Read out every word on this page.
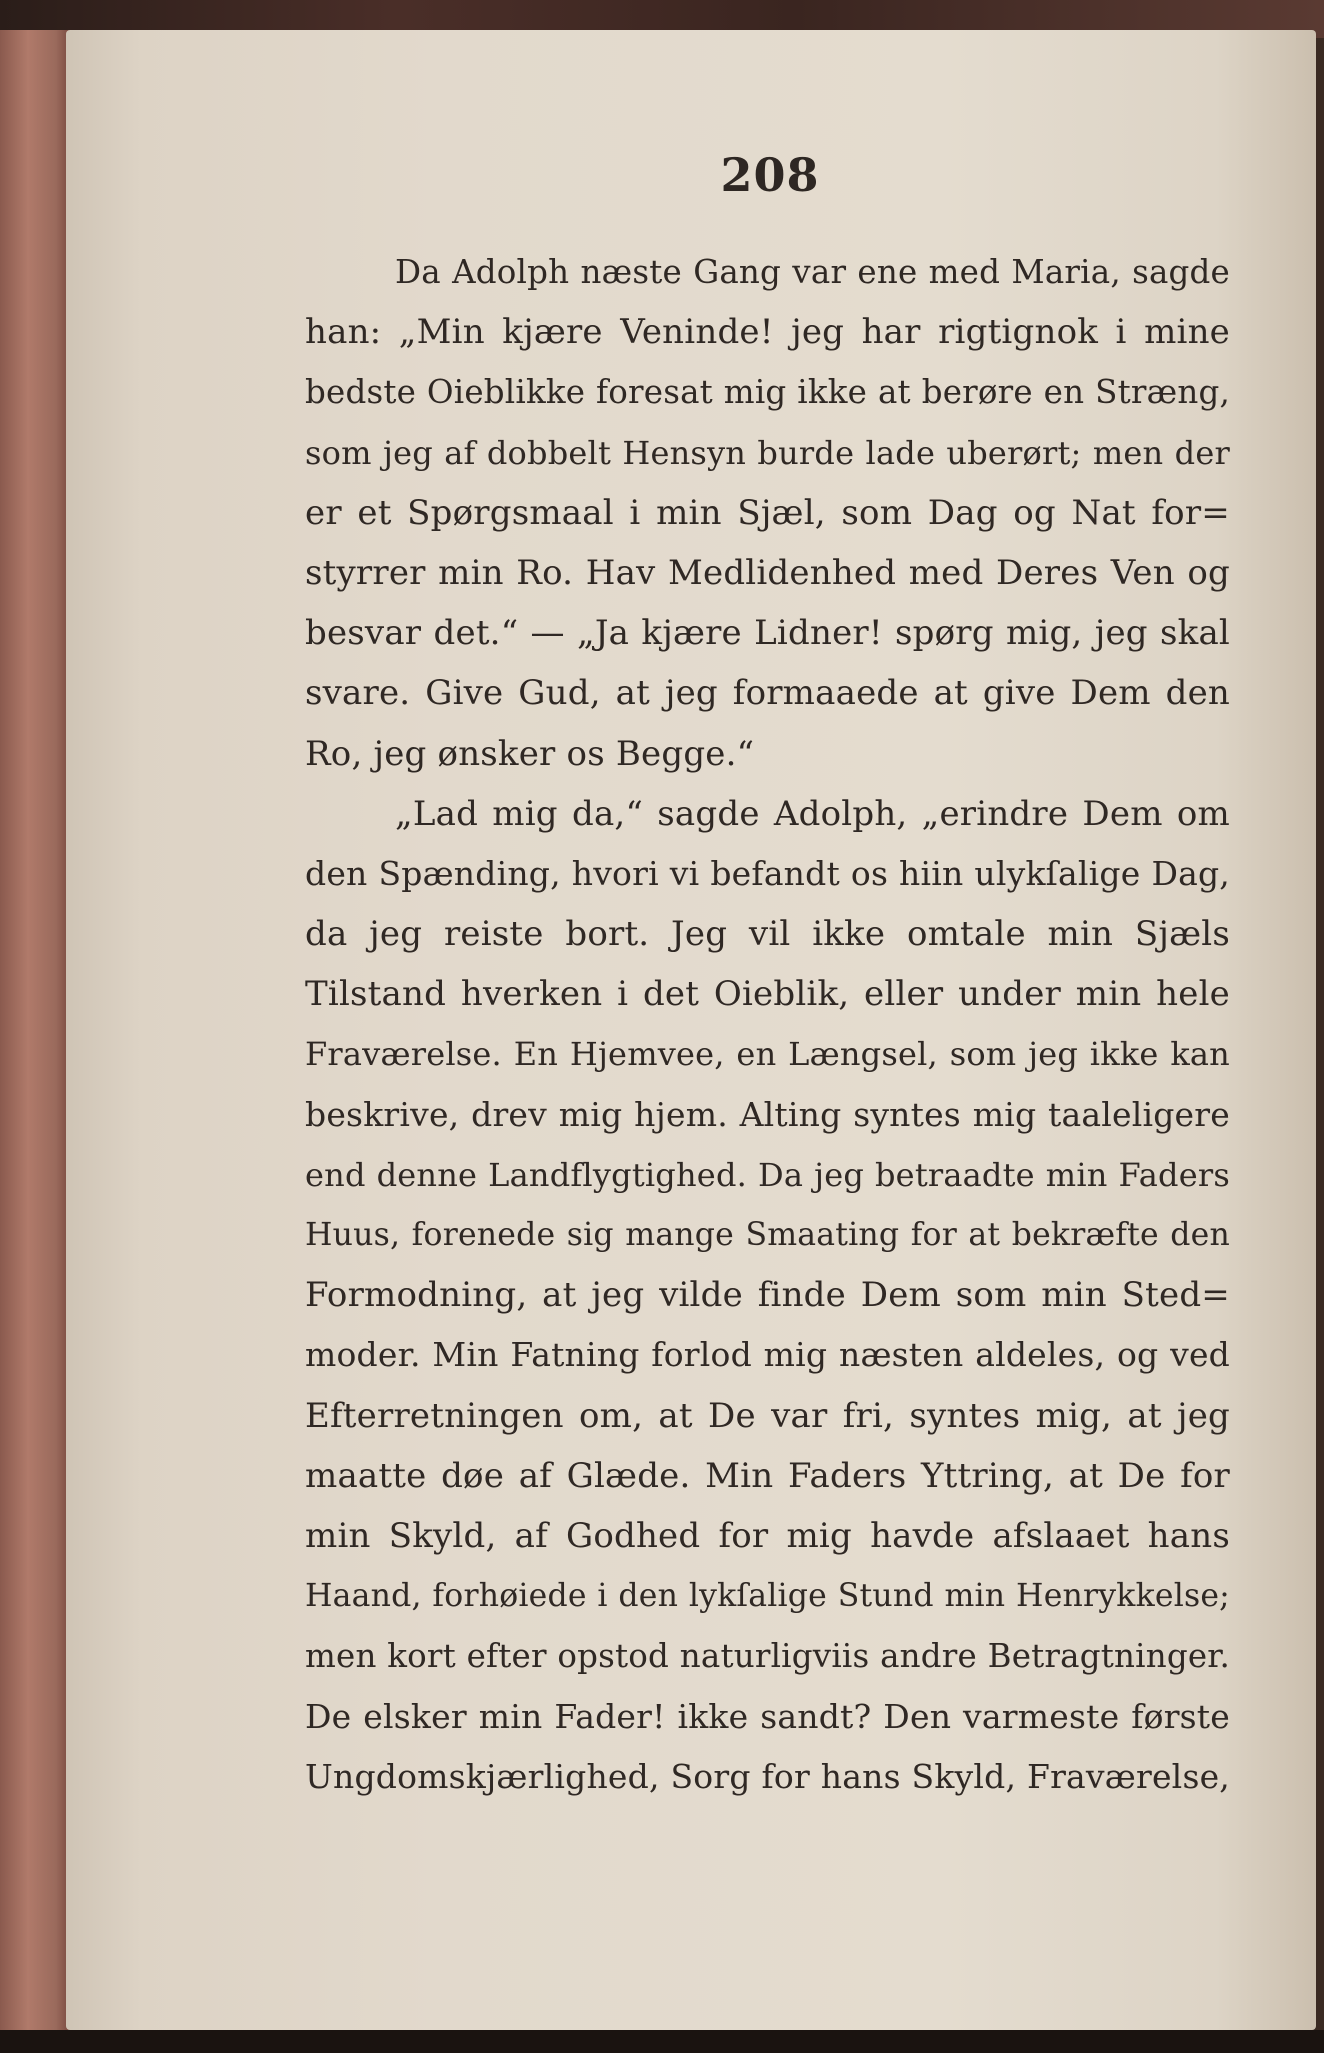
208
Da Adolph næste Gang var ene med Maria, sagde
han: „Min kjære Veninde! jeg har rigtignok i mine
bedste Oieblikke foresat mig ikke at berøre en Stræng,
som jeg af dobbelt Hensyn burde lade uberørt; men der
er et Spørgsmaal i min Sjæl, som Dag og Nat for=
styrrer min Ro. Hav Medlidenhed med Deres Ven og
besvar det.“ — „Ja kjære Lidner! spørg mig, jeg skal
svare. Give Gud, at jeg formaaede at give Dem den
Ro, jeg ønsker os Begge.“
„Lad mig da,“ sagde Adolph, „erindre Dem om
den Spænding, hvori vi befandt os hiin ulykſalige Dag,
da jeg reiste bort. Jeg vil ikke omtale min Sjæls
Tilstand hverken i det Oieblik, eller under min hele
Fraværelse. En Hjemvee, en Længsel, som jeg ikke kan
beskrive, drev mig hjem. Alting syntes mig taaleligere
end denne Landflygtighed. Da jeg betraadte min Faders
Huus, forenede sig mange Smaating for at bekræfte den
Formodning, at jeg vilde finde Dem som min Sted=
moder. Min Fatning forlod mig næsten aldeles, og ved
Efterretningen om, at De var fri, syntes mig, at jeg
maatte døe af Glæde. Min Faders Yttring, at De for
min Skyld, af Godhed for mig havde afslaaet hans
Haand, forhøiede i den lykſalige Stund min Henrykkelse;
men kort efter opstod naturligviis andre Betragtninger.
De elsker min Fader! ikke sandt? Den varmeste første
Ungdomskjærlighed, Sorg for hans Skyld, Fraværelse,
